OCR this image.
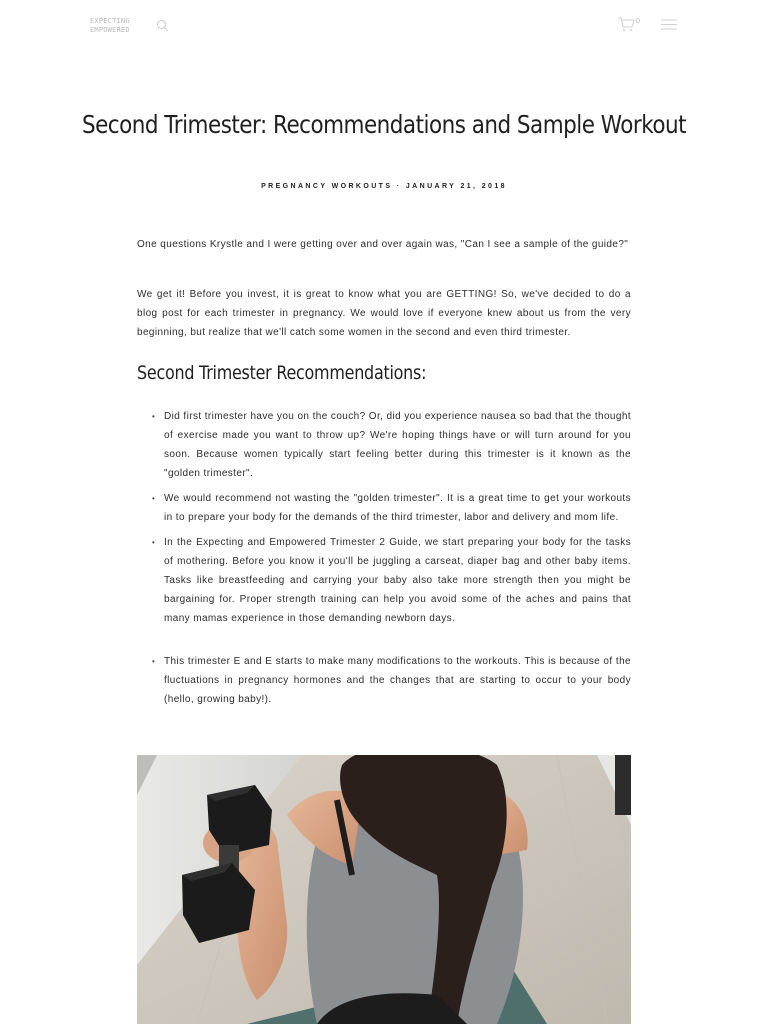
EXPECTING
EMPOWERED
0
Second Trimester: Recommendations and Sample Workout
PREGNANCY WORKOUTS · JANUARY 21, 2018

One questions Krystle and I were getting over and over again was, "Can I see a sample of the guide?"

We get it! Before you invest, it is great to know what you are GETTING! So, we've decided to do a blog post for each trimester in pregnancy. We would love if everyone knew about us from the very beginning, but realize that we'll catch some women in the second and even third trimester.

Second Trimester Recommendations:
• Did first trimester have you on the couch? Or, did you experience nausea so bad that the thought of exercise made you want to throw up? We're hoping things have or will turn around for you soon. Because women typically start feeling better during this trimester is it known as the "golden trimester".
• We would recommend not wasting the "golden trimester". It is a great time to get your workouts in to prepare your body for the demands of the third trimester, labor and delivery and mom life.
• In the Expecting and Empowered Trimester 2 Guide, we start preparing your body for the tasks of mothering. Before you know it you'll be juggling a carseat, diaper bag and other baby items. Tasks like breastfeeding and carrying your baby also take more strength then you might be bargaining for. Proper strength training can help you avoid some of the aches and pains that many mamas experience in those demanding newborn days.
• This trimester E and E starts to make many modifications to the workouts. This is because of the fluctuations in pregnancy hormones and the changes that are starting to occur to your body (hello, growing baby!).
